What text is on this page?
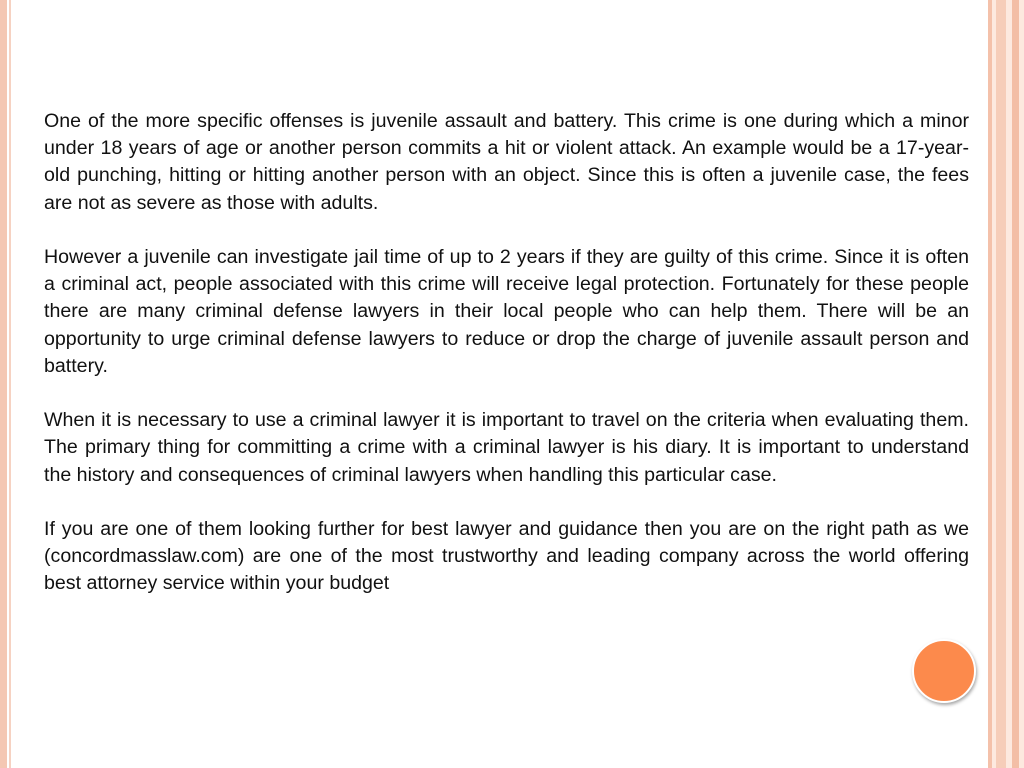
One of the more specific offenses is juvenile assault and battery. This crime is one during which a minor under 18 years of age or another person commits a hit or violent attack. An example would be a 17-year-old punching, hitting or hitting another person with an object. Since this is often a juvenile case, the fees are not as severe as those with adults.

However a juvenile can investigate jail time of up to 2 years if they are guilty of this crime. Since it is often a criminal act, people associated with this crime will receive legal protection. Fortunately for these people there are many criminal defense lawyers in their local people who can help them. There will be an opportunity to urge criminal defense lawyers to reduce or drop the charge of juvenile assault person and battery.

When it is necessary to use a criminal lawyer it is important to travel on the criteria when evaluating them. The primary thing for committing a crime with a criminal lawyer is his diary. It is important to understand the history and consequences of criminal lawyers when handling this particular case.

If you are one of them looking further for best lawyer and guidance then you are on the right path as we (concordmasslaw.com) are one of the most trustworthy and leading company across the world offering best attorney service within your budget
